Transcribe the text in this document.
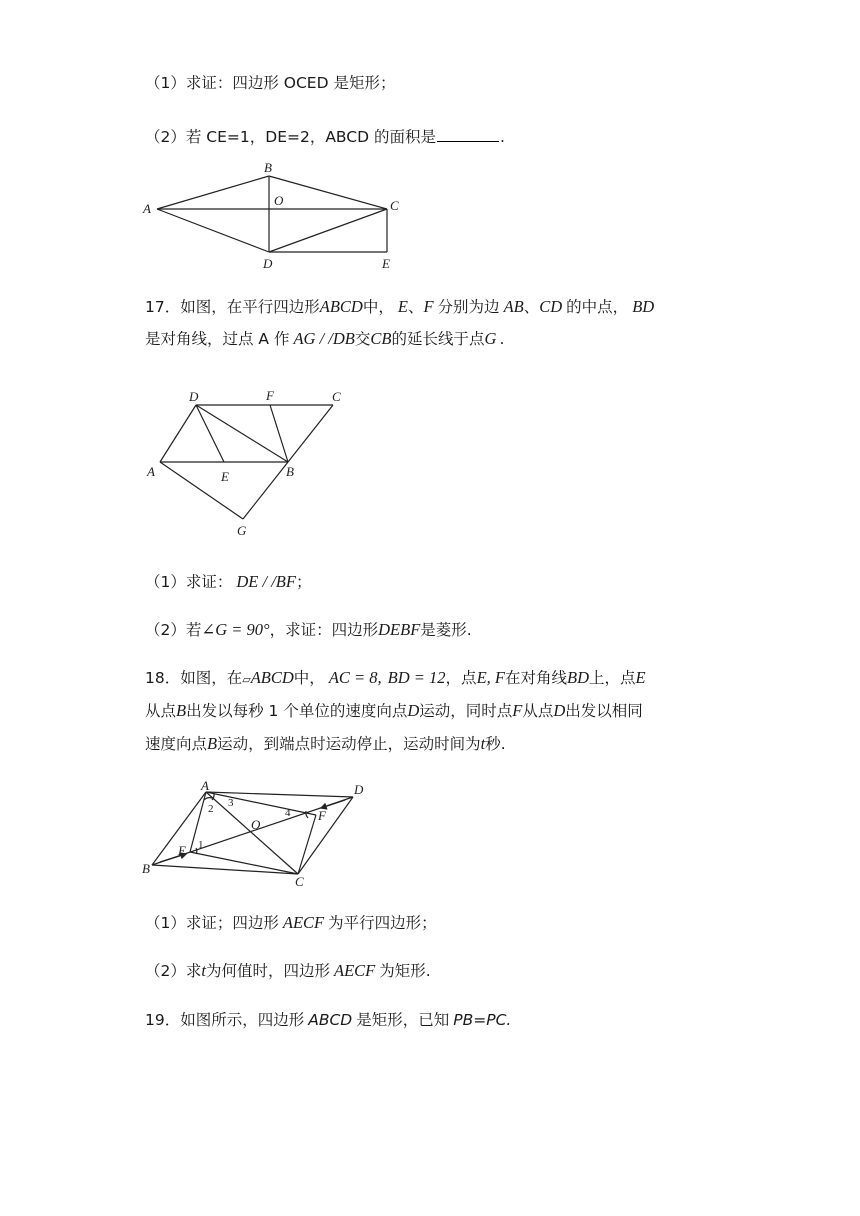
（1）求证：四边形 OCED 是矩形；
（2）若 CE=1，DE=2，ABCD 的面积是	.
A
B
C
D	E
O
17．如图，在平行四边形ABCD中， E、F 分别为边 AB、CD 的中点， BD
是对角线，过点 A 作 AG / /DB交CB的延长线于点G .
D	F	C
A	E	B
G
（1）求证： DE / /BF；
（2）若∠G = 90°，求证：四边形DEBF是菱形.
18．如图，在▱ABCD中， AC = 8, BD = 12，点E, F在对角线BD上，点E
从点B出发以每秒 1 个单位的速度向点D运动，同时点F从点D出发以相同
速度向点B运动，到端点时运动停止，运动时间为t秒.
A	D
B
C
E
F
O
2 3
4
1
（1）求证；四边形 AECF 为平行四边形；
（2）求t为何值时，四边形 AECF 为矩形.
19．如图所示，四边形 ABCD 是矩形，已知 PB=PC.
